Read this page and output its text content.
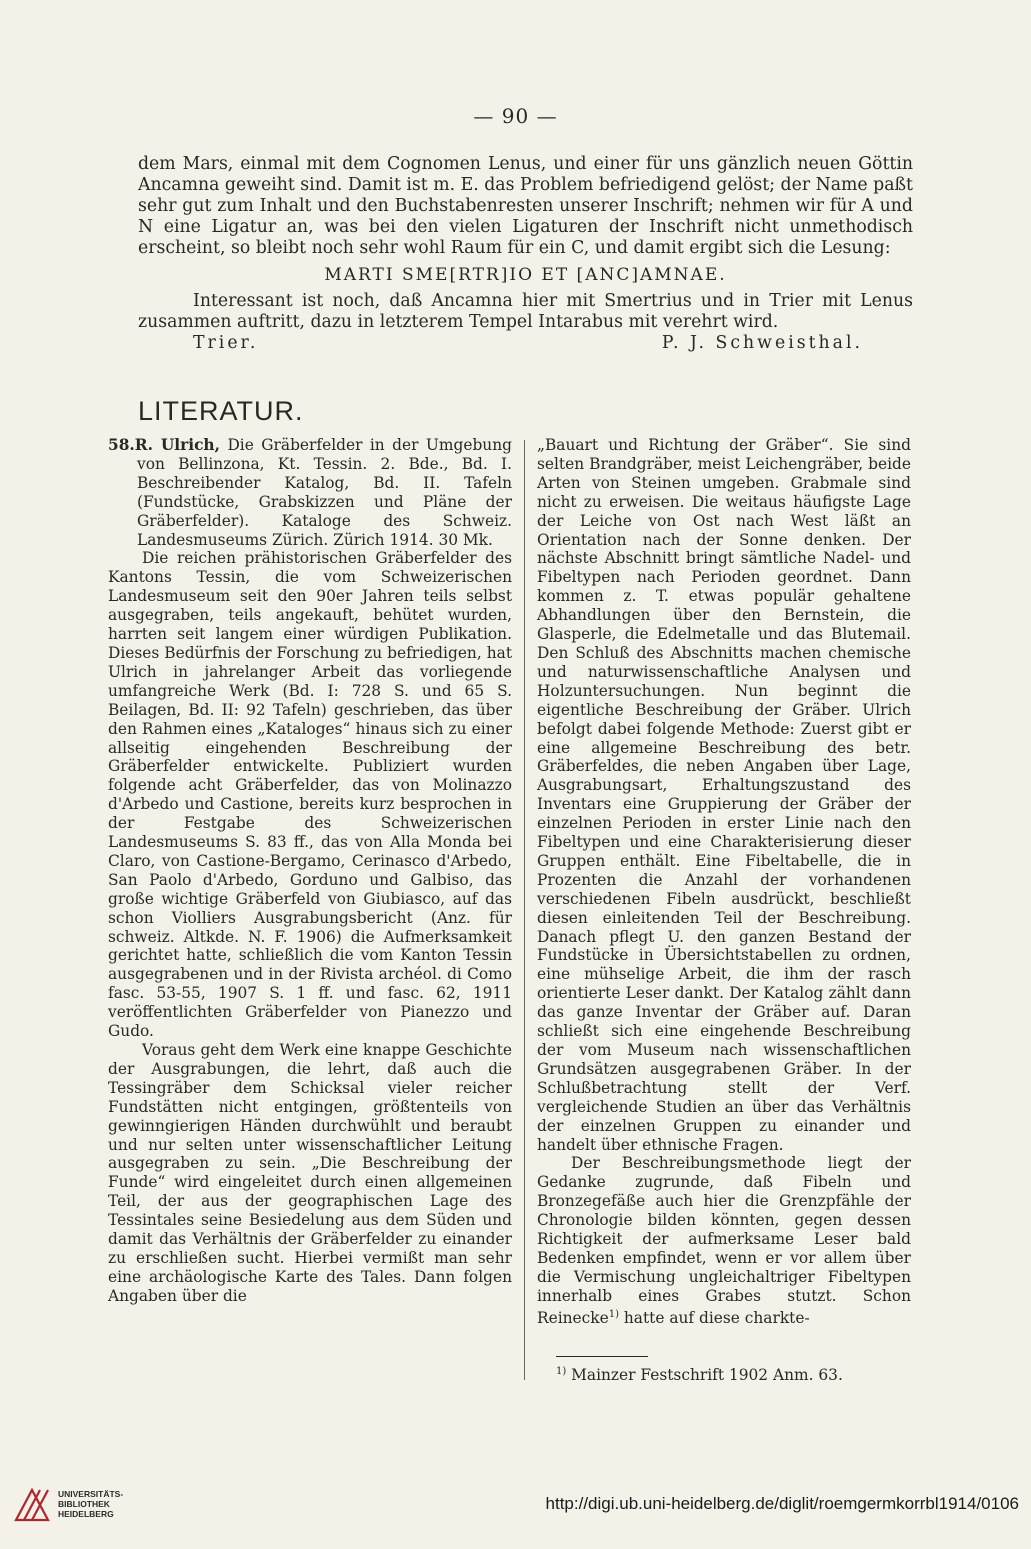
— 90 —

dem Mars, einmal mit dem Cognomen Lenus, und einer für uns gänzlich neuen Göttin Ancamna geweiht sind. Damit ist m. E. das Problem befriedigend gelöst; der Name paßt sehr gut zum Inhalt und den Buchstabenresten unserer Inschrift; nehmen wir für A und N eine Ligatur an, was bei den vielen Ligaturen der Inschrift nicht unmethodisch erscheint, so bleibt noch sehr wohl Raum für ein C, und damit ergibt sich die Lesung:

MARTI SME[RTR]IO ET [ANC]AMNAE.

Interessant ist noch, daß Ancamna hier mit Smertrius und in Trier mit Lenus zusammen auftritt, dazu in letzterem Tempel Intarabus mit verehrt wird.

Trier.	P. J. Schweisthal.

LITERATUR.

58.R. Ulrich, Die Gräberfelder in der Umgebung von Bellinzona, Kt. Tessin. 2. Bde., Bd. I. Beschreibender Katalog, Bd. II. Tafeln (Fundstücke, Grabskizzen und Pläne der Gräberfelder). Kataloge des Schweiz. Landesmuseums Zürich. Zürich 1914. 30 Mk.

Die reichen prähistorischen Gräberfelder des Kantons Tessin, die vom Schweizerischen Landesmuseum seit den 90er Jahren teils selbst ausgegraben, teils angekauft, behütet wurden, harrten seit langem einer würdigen Publikation. Dieses Bedürfnis der Forschung zu befriedigen, hat Ulrich in jahrelanger Arbeit das vorliegende umfangreiche Werk (Bd. I: 728 S. und 65 S. Beilagen, Bd. II: 92 Tafeln) geschrieben, das über den Rahmen eines „Kataloges“ hinaus sich zu einer allseitig eingehenden Beschreibung der Gräberfelder entwickelte. Publiziert wurden folgende acht Gräberfelder, das von Molinazzo d'Arbedo und Castione, bereits kurz besprochen in der Festgabe des Schweizerischen Landesmuseums S. 83 ff., das von Alla Monda bei Claro, von Castione-Bergamo, Cerinasco d'Arbedo, San Paolo d'Arbedo, Gorduno und Galbiso, das große wichtige Gräberfeld von Giubiasco, auf das schon Violliers Ausgrabungsbericht (Anz. für schweiz. Altkde. N. F. 1906) die Aufmerksamkeit gerichtet hatte, schließlich die vom Kanton Tessin ausgegrabenen und in der Rivista archéol. di Como fasc. 53-55, 1907 S. 1 ff. und fasc. 62, 1911 veröffentlichten Gräberfelder von Pianezzo und Gudo.

Voraus geht dem Werk eine knappe Geschichte der Ausgrabungen, die lehrt, daß auch die Tessingräber dem Schicksal vieler reicher Fundstätten nicht entgingen, größtenteils von gewinngierigen Händen durchwühlt und beraubt und nur selten unter wissenschaftlicher Leitung ausgegraben zu sein. „Die Beschreibung der Funde“ wird eingeleitet durch einen allgemeinen Teil, der aus der geographischen Lage des Tessintales seine Besiedelung aus dem Süden und damit das Verhältnis der Gräberfelder zu einander zu erschließen sucht. Hierbei vermißt man sehr eine archäologische Karte des Tales. Dann folgen Angaben über die

„Bauart und Richtung der Gräber“. Sie sind selten Brandgräber, meist Leichengräber, beide Arten von Steinen umgeben. Grabmale sind nicht zu erweisen. Die weitaus häufigste Lage der Leiche von Ost nach West läßt an Orientation nach der Sonne denken. Der nächste Abschnitt bringt sämtliche Nadel- und Fibeltypen nach Perioden geordnet. Dann kommen z. T. etwas populär gehaltene Abhandlungen über den Bernstein, die Glasperle, die Edelmetalle und das Blutemail. Den Schluß des Abschnitts machen chemische und naturwissenschaftliche Analysen und Holzuntersuchungen. Nun beginnt die eigentliche Beschreibung der Gräber. Ulrich befolgt dabei folgende Methode: Zuerst gibt er eine allgemeine Beschreibung des betr. Gräberfeldes, die neben Angaben über Lage, Ausgrabungsart, Erhaltungszustand des Inventars eine Gruppierung der Gräber der einzelnen Perioden in erster Linie nach den Fibeltypen und eine Charakterisierung dieser Gruppen enthält. Eine Fibeltabelle, die in Prozenten die Anzahl der vorhandenen verschiedenen Fibeln ausdrückt, beschließt diesen einleitenden Teil der Beschreibung. Danach pflegt U. den ganzen Bestand der Fundstücke in Übersichtstabellen zu ordnen, eine mühselige Arbeit, die ihm der rasch orientierte Leser dankt. Der Katalog zählt dann das ganze Inventar der Gräber auf. Daran schließt sich eine eingehende Beschreibung der vom Museum nach wissenschaftlichen Grundsätzen ausgegrabenen Gräber. In der Schlußbetrachtung stellt der Verf. vergleichende Studien an über das Verhältnis der einzelnen Gruppen zu einander und handelt über ethnische Fragen.

Der Beschreibungsmethode liegt der Gedanke zugrunde, daß Fibeln und Bronzegefäße auch hier die Grenzpfähle der Chronologie bilden könnten, gegen dessen Richtigkeit der aufmerksame Leser bald Bedenken empfindet, wenn er vor allem über die Vermischung ungleichaltriger Fibeltypen innerhalb eines Grabes stutzt. Schon Reinecke$^{1)}$ hatte auf diese charkte-

$^{1)}$ Mainzer Festschrift 1902 Anm. 63.
UNIVERSITÄTS-
BIBLIOTHEK
HEIDELBERG
http://digi.ub.uni-heidelberg.de/diglit/roemgermkorrbl1914/0106
